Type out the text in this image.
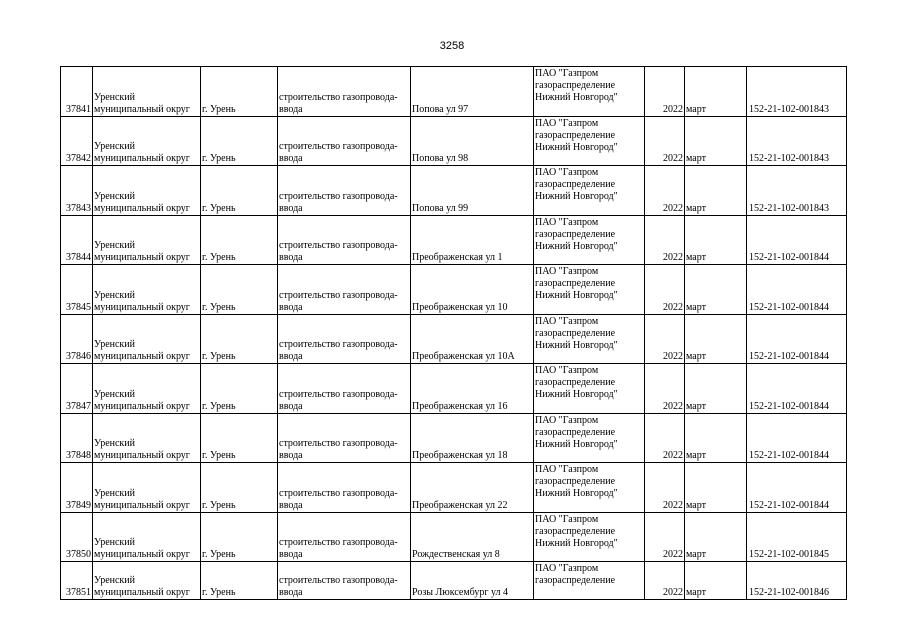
3258
37841	Уренский муниципальный округ	г. Урень	строительство газопровода-ввода	Попова ул 97	ПАО "Газпром газораспределение Нижний Новгород"	2022	март	152-21-102-001843
37842	Уренский муниципальный округ	г. Урень	строительство газопровода-ввода	Попова ул 98	ПАО "Газпром газораспределение Нижний Новгород"	2022	март	152-21-102-001843
37843	Уренский муниципальный округ	г. Урень	строительство газопровода-ввода	Попова ул 99	ПАО "Газпром газораспределение Нижний Новгород"	2022	март	152-21-102-001843
37844	Уренский муниципальный округ	г. Урень	строительство газопровода-ввода	Преображенская ул 1	ПАО "Газпром газораспределение Нижний Новгород"	2022	март	152-21-102-001844
37845	Уренский муниципальный округ	г. Урень	строительство газопровода-ввода	Преображенская ул 10	ПАО "Газпром газораспределение Нижний Новгород"	2022	март	152-21-102-001844
37846	Уренский муниципальный округ	г. Урень	строительство газопровода-ввода	Преображенская ул 10А	ПАО "Газпром газораспределение Нижний Новгород"	2022	март	152-21-102-001844
37847	Уренский муниципальный округ	г. Урень	строительство газопровода-ввода	Преображенская ул 16	ПАО "Газпром газораспределение Нижний Новгород"	2022	март	152-21-102-001844
37848	Уренский муниципальный округ	г. Урень	строительство газопровода-ввода	Преображенская ул 18	ПАО "Газпром газораспределение Нижний Новгород"	2022	март	152-21-102-001844
37849	Уренский муниципальный округ	г. Урень	строительство газопровода-ввода	Преображенская ул 22	ПАО "Газпром газораспределение Нижний Новгород"	2022	март	152-21-102-001844
37850	Уренский муниципальный округ	г. Урень	строительство газопровода-ввода	Рождественская ул 8	ПАО "Газпром газораспределение Нижний Новгород"	2022	март	152-21-102-001845
37851	Уренский муниципальный округ	г. Урень	строительство газопровода-ввода	Розы Люксембург ул 4	ПАО "Газпром газораспределение	2022	март	152-21-102-001846
